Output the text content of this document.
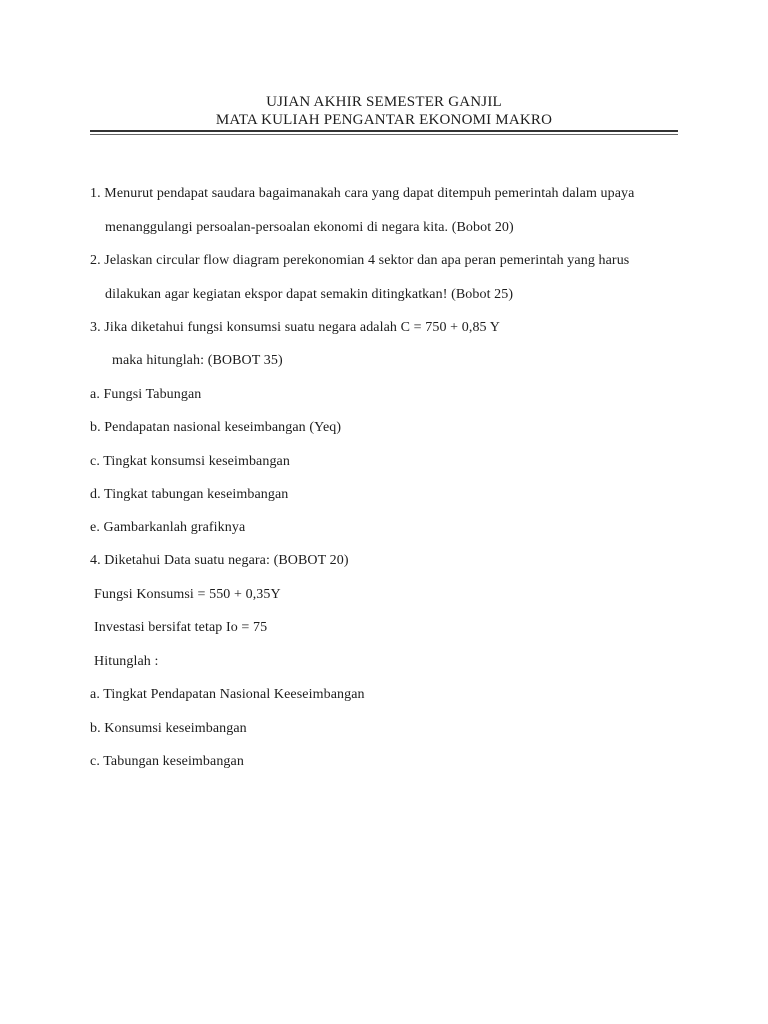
UJIAN AKHIR SEMESTER GANJIL
MATA KULIAH PENGANTAR EKONOMI MAKRO
1. Menurut pendapat saudara bagaimanakah cara yang dapat ditempuh pemerintah dalam upaya
menanggulangi persoalan-persoalan ekonomi di negara kita. (Bobot 20)
2. Jelaskan circular flow diagram perekonomian 4 sektor dan apa peran pemerintah yang harus
dilakukan agar kegiatan ekspor dapat semakin ditingkatkan! (Bobot 25)
3. Jika diketahui fungsi konsumsi suatu negara adalah C = 750 + 0,85 Y
maka hitunglah: (BOBOT 35)
a. Fungsi Tabungan
b. Pendapatan nasional keseimbangan (Yeq)
c. Tingkat konsumsi keseimbangan
d. Tingkat tabungan keseimbangan
e. Gambarkanlah grafiknya
4. Diketahui Data suatu negara: (BOBOT 20)
Fungsi Konsumsi = 550 + 0,35Y
Investasi bersifat tetap Io = 75
Hitunglah :
a. Tingkat Pendapatan Nasional Keeseimbangan
b. Konsumsi keseimbangan
c. Tabungan keseimbangan
